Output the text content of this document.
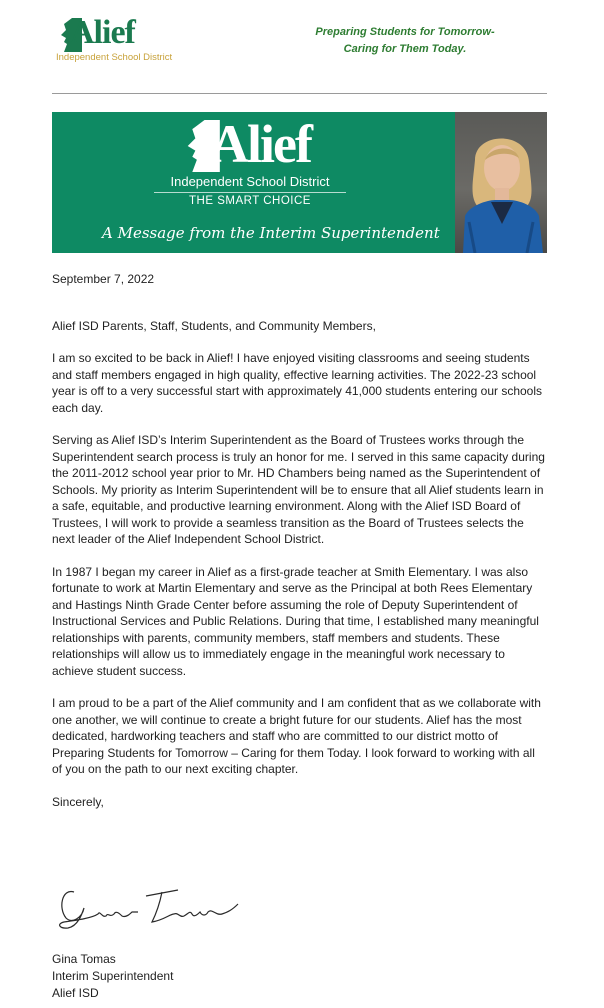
Alief
Independent School District
Preparing Students for Tomorrow-
Caring for Them Today.
Alief
Independent School District
THE SMART CHOICE
A Message from the Interim Superintendent

September 7, 2022

Alief ISD Parents, Staff, Students, and Community Members,

I am so excited to be back in Alief! I have enjoyed visiting classrooms and seeing students and staff members engaged in high quality, effective learning activities. The 2022-23 school year is off to a very successful start with approximately 41,000 students entering our schools each day.

Serving as Alief ISD’s Interim Superintendent as the Board of Trustees works through the Superintendent search process is truly an honor for me. I served in this same capacity during the 2011-2012 school year prior to Mr. HD Chambers being named as the Superintendent of Schools. My priority as Interim Superintendent will be to ensure that all Alief students learn in a safe, equitable, and productive learning environment. Along with the Alief ISD Board of Trustees, I will work to provide a seamless transition as the Board of Trustees selects the next leader of the Alief Independent School District.

In 1987 I began my career in Alief as a first-grade teacher at Smith Elementary. I was also fortunate to work at Martin Elementary and serve as the Principal at both Rees Elementary and Hastings Ninth Grade Center before assuming the role of Deputy Superintendent of Instructional Services and Public Relations. During that time, I established many meaningful relationships with parents, community members, staff members and students. These relationships will allow us to immediately engage in the meaningful work necessary to achieve student success.

I am proud to be a part of the Alief community and I am confident that as we collaborate with one another, we will continue to create a bright future for our students. Alief has the most dedicated, hardworking teachers and staff who are committed to our district motto of Preparing Students for Tomorrow – Caring for them Today. I look forward to working with all of you on the path to our next exciting chapter.

Sincerely,

Gina Tomas
Interim Superintendent
Alief ISD
